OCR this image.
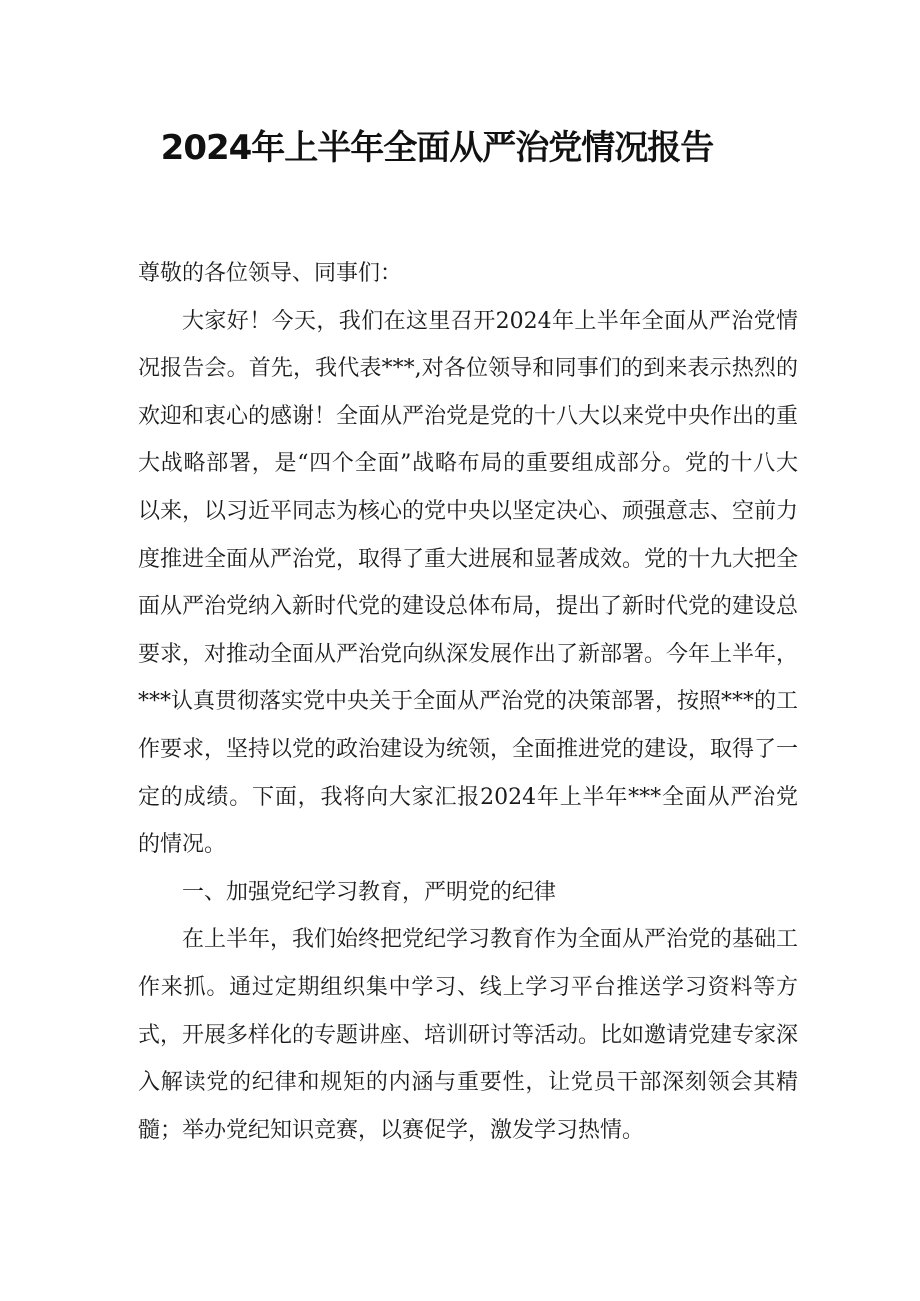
2024年上半年全面从严治党情况报告

尊敬的各位领导、同事们：

大家好！今天，我们在这里召开2024年上半年全面从严治党情况报告会。首先，我代表***,对各位领导和同事们的到来表示热烈的欢迎和衷心的感谢！全面从严治党是党的十八大以来党中央作出的重大战略部署，是“四个全面”战略布局的重要组成部分。党的十八大以来，以习近平同志为核心的党中央以坚定决心、顽强意志、空前力度推进全面从严治党，取得了重大进展和显著成效。党的十九大把全面从严治党纳入新时代党的建设总体布局，提出了新时代党的建设总要求，对推动全面从严治党向纵深发展作出了新部署。今年上半年，***认真贯彻落实党中央关于全面从严治党的决策部署，按照***的工作要求，坚持以党的政治建设为统领，全面推进党的建设，取得了一定的成绩。下面，我将向大家汇报2024年上半年***全面从严治党的情况。

一、加强党纪学习教育，严明党的纪律

在上半年，我们始终把党纪学习教育作为全面从严治党的基础工作来抓。通过定期组织集中学习、线上学习平台推送学习资料等方式，开展多样化的专题讲座、培训研讨等活动。比如邀请党建专家深入解读党的纪律和规矩的内涵与重要性，让党员干部深刻领会其精髓；举办党纪知识竞赛，以赛促学，激发学习热情。
